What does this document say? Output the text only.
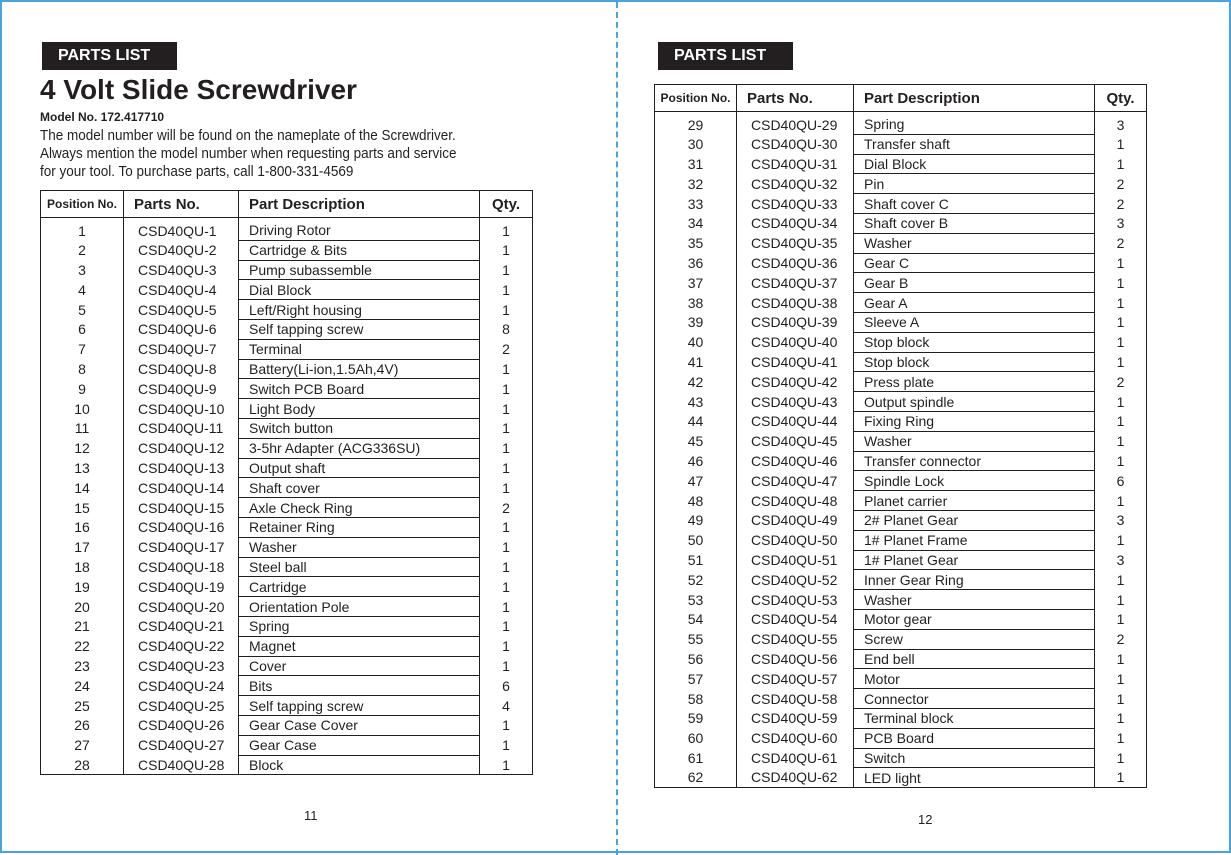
PARTS LIST
4 Volt Slide Screwdriver
Model No. 172.417710
The model number will be found on the nameplate of the Screwdriver.
Always mention the model number when requesting parts and service
for your tool. To purchase parts, call 1-800-331-4569
Position No.	Parts No.	Part Description	Qty.
1	CSD40QU-1	Driving Rotor	1
2	CSD40QU-2	Cartridge & Bits	1
3	CSD40QU-3	Pump subassemble	1
4	CSD40QU-4	Dial Block	1
5	CSD40QU-5	Left/Right housing	1
6	CSD40QU-6	Self tapping screw	8
7	CSD40QU-7	Terminal	2
8	CSD40QU-8	Battery(Li-ion,1.5Ah,4V)	1
9	CSD40QU-9	Switch PCB Board	1
10	CSD40QU-10	Light Body	1
11	CSD40QU-11	Switch button	1
12	CSD40QU-12	3-5hr Adapter (ACG336SU)	1
13	CSD40QU-13	Output shaft	1
14	CSD40QU-14	Shaft cover	1
15	CSD40QU-15	Axle Check Ring	2
16	CSD40QU-16	Retainer Ring	1
17	CSD40QU-17	Washer	1
18	CSD40QU-18	Steel ball	1
19	CSD40QU-19	Cartridge	1
20	CSD40QU-20	Orientation Pole	1
21	CSD40QU-21	Spring	1
22	CSD40QU-22	Magnet	1
23	CSD40QU-23	Cover	1
24	CSD40QU-24	Bits	6
25	CSD40QU-25	Self tapping screw	4
26	CSD40QU-26	Gear Case Cover	1
27	CSD40QU-27	Gear Case	1
28	CSD40QU-28	Block	1
11
PARTS LIST
Position No.	Parts No.	Part Description	Qty.
29	CSD40QU-29	Spring	3
30	CSD40QU-30	Transfer shaft	1
31	CSD40QU-31	Dial Block	1
32	CSD40QU-32	Pin	2
33	CSD40QU-33	Shaft cover C	2
34	CSD40QU-34	Shaft cover B	3
35	CSD40QU-35	Washer	2
36	CSD40QU-36	Gear C	1
37	CSD40QU-37	Gear B	1
38	CSD40QU-38	Gear A	1
39	CSD40QU-39	Sleeve A	1
40	CSD40QU-40	Stop block	1
41	CSD40QU-41	Stop block	1
42	CSD40QU-42	Press plate	2
43	CSD40QU-43	Output spindle	1
44	CSD40QU-44	Fixing Ring	1
45	CSD40QU-45	Washer	1
46	CSD40QU-46	Transfer connector	1
47	CSD40QU-47	Spindle Lock	6
48	CSD40QU-48	Planet carrier	1
49	CSD40QU-49	2# Planet Gear	3
50	CSD40QU-50	1# Planet Frame	1
51	CSD40QU-51	1# Planet Gear	3
52	CSD40QU-52	Inner Gear Ring	1
53	CSD40QU-53	Washer	1
54	CSD40QU-54	Motor gear	1
55	CSD40QU-55	Screw	2
56	CSD40QU-56	End bell	1
57	CSD40QU-57	Motor	1
58	CSD40QU-58	Connector	1
59	CSD40QU-59	Terminal block	1
60	CSD40QU-60	PCB Board	1
61	CSD40QU-61	Switch	1
62	CSD40QU-62	LED light	1
12
